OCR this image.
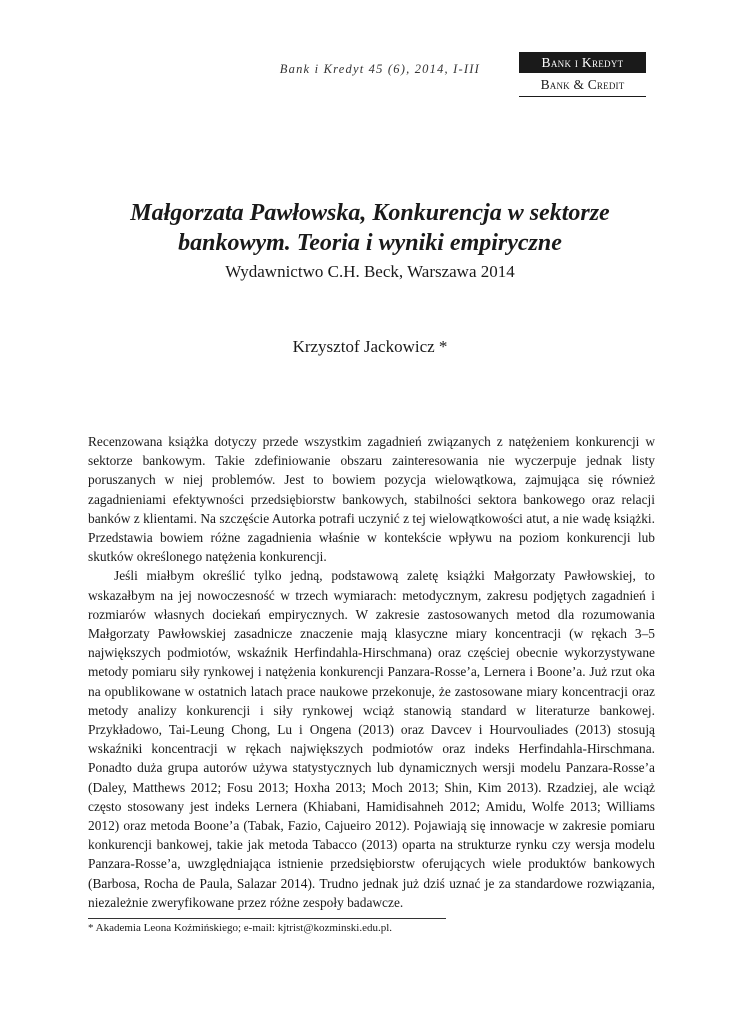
Bank i Kredyt 45 (6), 2014, I-III	Bank i Kredyt
Bank & Credit
Małgorzata Pawłowska, Konkurencja w sektorze bankowym. Teoria i wyniki empiryczne

Wydawnictwo C.H. Beck, Warszawa 2014

Krzysztof Jackowicz *

Recenzowana książka dotyczy przede wszystkim zagadnień związanych z natężeniem konkurencji w sektorze bankowym. Takie zdefiniowanie obszaru zainteresowania nie wyczerpuje jednak listy poruszanych w niej problemów. Jest to bowiem pozycja wielowątkowa, zajmująca się również zagadnieniami efektywności przedsiębiorstw bankowych, stabilności sektora bankowego oraz relacji banków z klientami. Na szczęście Autorka potrafi uczynić z tej wielowątkowości atut, a nie wadę książki. Przedstawia bowiem różne zagadnienia właśnie w kontekście wpływu na poziom konkurencji lub skutków określonego natężenia konkurencji.

Jeśli miałbym określić tylko jedną, podstawową zaletę książki Małgorzaty Pawłowskiej, to wskazałbym na jej nowoczesność w trzech wymiarach: metodycznym, zakresu podjętych zagadnień i rozmiarów własnych dociekań empirycznych. W zakresie zastosowanych metod dla rozumowania Małgorzaty Pawłowskiej zasadnicze znaczenie mają klasyczne miary koncentracji (w rękach 3–5 największych podmiotów, wskaźnik Herfindahla-Hirschmana) oraz częściej obecnie wykorzystywane metody pomiaru siły rynkowej i natężenia konkurencji Panzara-Rosse’a, Lernera i Boone’a. Już rzut oka na opublikowane w ostatnich latach prace naukowe przekonuje, że zastosowane miary koncentracji oraz metody analizy konkurencji i siły rynkowej wciąż stanowią standard w literaturze bankowej. Przykładowo, Tai-Leung Chong, Lu i Ongena (2013) oraz Davcev i Hourvouliades (2013) stosują wskaźniki koncentracji w rękach największych podmiotów oraz indeks Herfindahla-Hirschmana. Ponadto duża grupa autorów używa statystycznych lub dynamicznych wersji modelu Panzara-Rosse’a (Daley, Matthews 2012; Fosu 2013; Hoxha 2013; Moch 2013; Shin, Kim 2013). Rzadziej, ale wciąż często stosowany jest indeks Lernera (Khiabani, Hamidisahneh 2012; Amidu, Wolfe 2013; Williams 2012) oraz metoda Boone’a (Tabak, Fazio, Cajueiro 2012). Pojawiają się innowacje w zakresie pomiaru konkurencji bankowej, takie jak metoda Tabacco (2013) oparta na strukturze rynku czy wersja modelu Panzara-Rosse’a, uwzględniająca istnienie przedsiębiorstw oferujących wiele produktów bankowych (Barbosa, Rocha de Paula, Salazar 2014). Trudno jednak już dziś uznać je za standardowe rozwiązania, niezależnie zweryfikowane przez różne zespoły badawcze.

* Akademia Leona Koźmińskiego; e-mail: kjtrist@kozminski.edu.pl.
